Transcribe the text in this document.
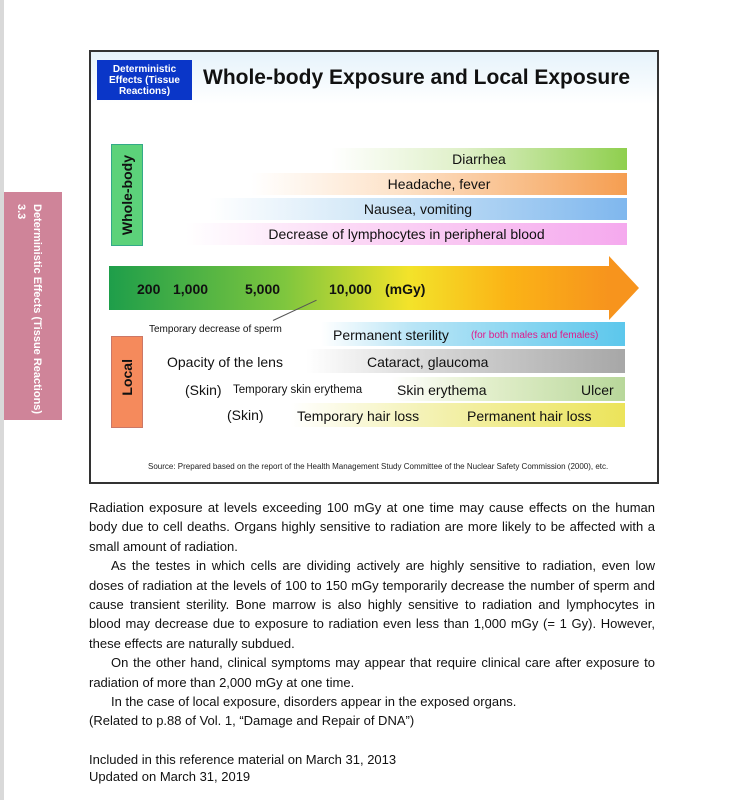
3.3 Deterministic Effects (Tissue Reactions)
Deterministic Effects (Tissue Reactions)
Whole-body Exposure and Local Exposure
Whole-body	Diarrhea
Headache, fever
Nausea, vomiting
Decrease of lymphocytes in peripheral blood
200 1,000	5,000	10,000 (mGy)
Local
Temporary decrease of sperm	Permanent sterility (for both males and females)
Opacity of the lens	Cataract, glaucoma
(Skin) Temporary skin erythema Skin erythema	Ulcer
(Skin) Temporary hair loss	Permanent hair loss
Source: Prepared based on the report of the Health Management Study Committee of the Nuclear Safety Commission (2000), etc.

Radiation exposure at levels exceeding 100 mGy at one time may cause effects on the human body due to cell deaths. Organs highly sensitive to radiation are more likely to be affected with a small amount of radiation.

As the testes in which cells are dividing actively are highly sensitive to radiation, even low doses of radiation at the levels of 100 to 150 mGy temporarily decrease the number of sperm and cause transient sterility. Bone marrow is also highly sensitive to radiation and lymphocytes in blood may decrease due to exposure to radiation even less than 1,000 mGy (= 1 Gy). However, these effects are naturally subdued.

On the other hand, clinical symptoms may appear that require clinical care after exposure to radiation of more than 2,000 mGy at one time.

In the case of local exposure, disorders appear in the exposed organs.

(Related to p.88 of Vol. 1, “Damage and Repair of DNA”)

Included in this reference material on March 31, 2013
Updated on March 31, 2019
